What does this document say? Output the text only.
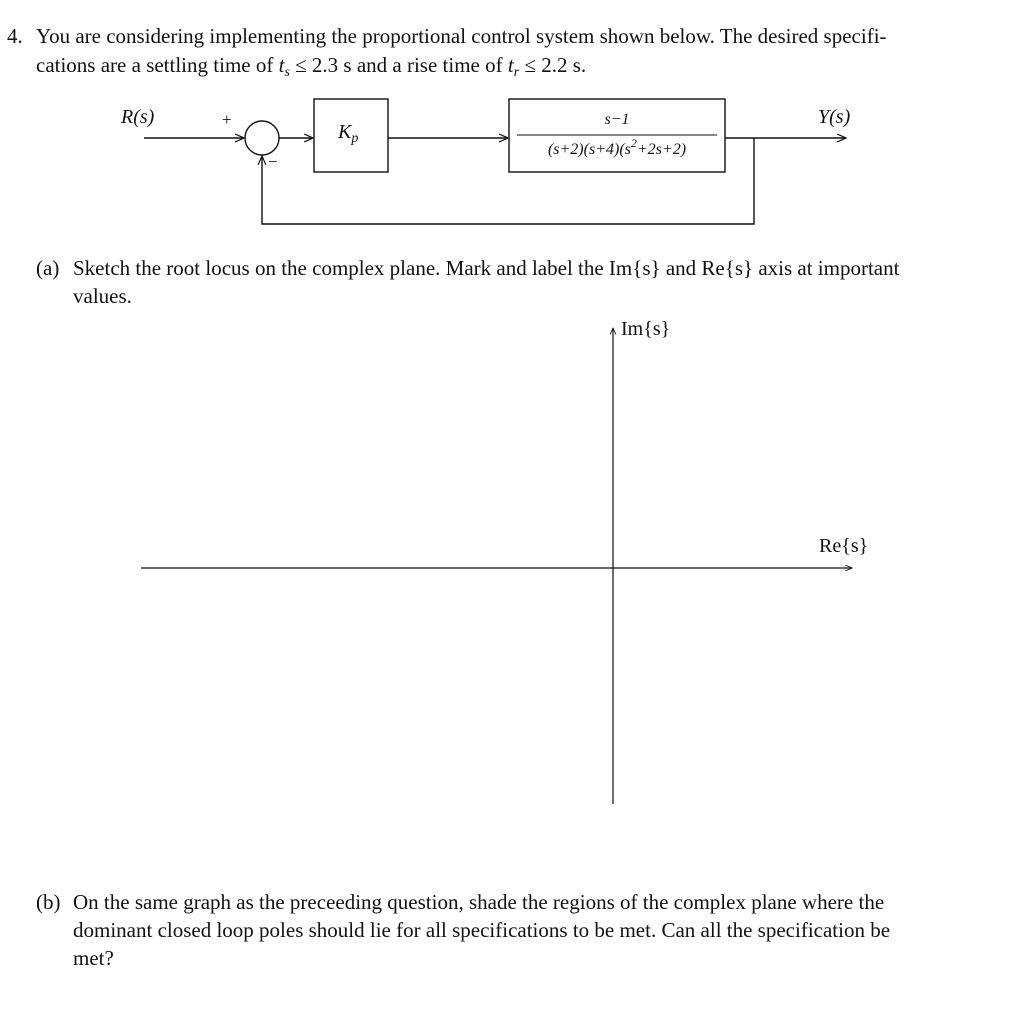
4. You are considering implementing the proportional control system shown below. The desired specifi-
cations are a settling time of $t_s \le 2.3$ s and a rise time of $t_r \le 2.2$ s.
R(s)	Y(s)
+
−
$K_p$
s−1
$(s+2)(s+4)(s^2+2s+2)$
(a) Sketch the root locus on the complex plane. Mark and label the Im{s} and Re{s} axis at important
values.
Im{s}
Re{s}
(b) On the same graph as the preceeding question, shade the regions of the complex plane where the
dominant closed loop poles should lie for all specifications to be met. Can all the specification be
met?
